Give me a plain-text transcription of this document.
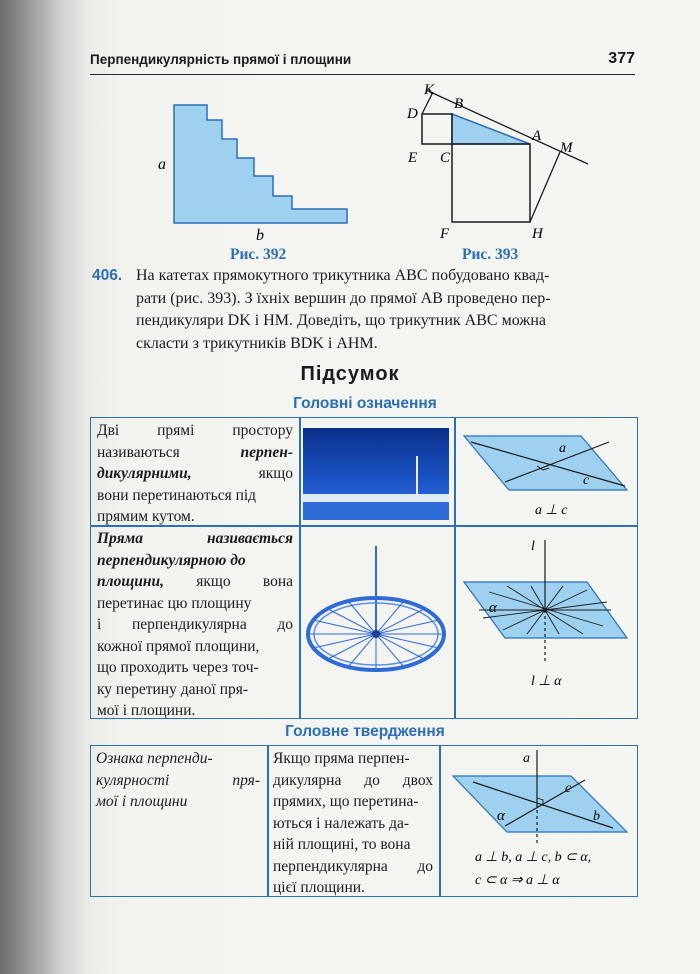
Перпендикулярність прямої і площини	377
a
b
Рис. 392
K
B
D
A
M
E C
F	H
Рис. 393
406. На катетах прямокутного трикутника ABC побудовано квад-
рати (рис. 393). З їхніх вершин до прямої AB проведено пер-
пендикуляри DK і HM. Доведіть, що трикутник ABC можна
скласти з трикутників BDK і AHM.
Підсумок
Головні означення
Дві прямі простору
називаються	перпен-
дикулярними,	якщо
вони перетинаються під
прямим кутом.
a
c
a ⊥ c
Пряма	називається
перпендикулярною до
площини, якщо вона
перетинає цю площину
і перпендикулярна до
кожної прямої площини,
що проходить через точ-
ку перетину даної пря-
мої і площини.
l
α
l ⊥ α
Головне твердження
Ознака перпенди-
кулярності	пря-
мої і площини
Якщо пряма перпен-
дикулярна до двох
прямих, що перетина-
ються і належать да-
ній площині, то вона
перпендикулярна до
цієї площини.
a
c
b
α
a ⊥ b, a ⊥ c, b ⊂ α,
c ⊂ α ⇒ a ⊥ α
